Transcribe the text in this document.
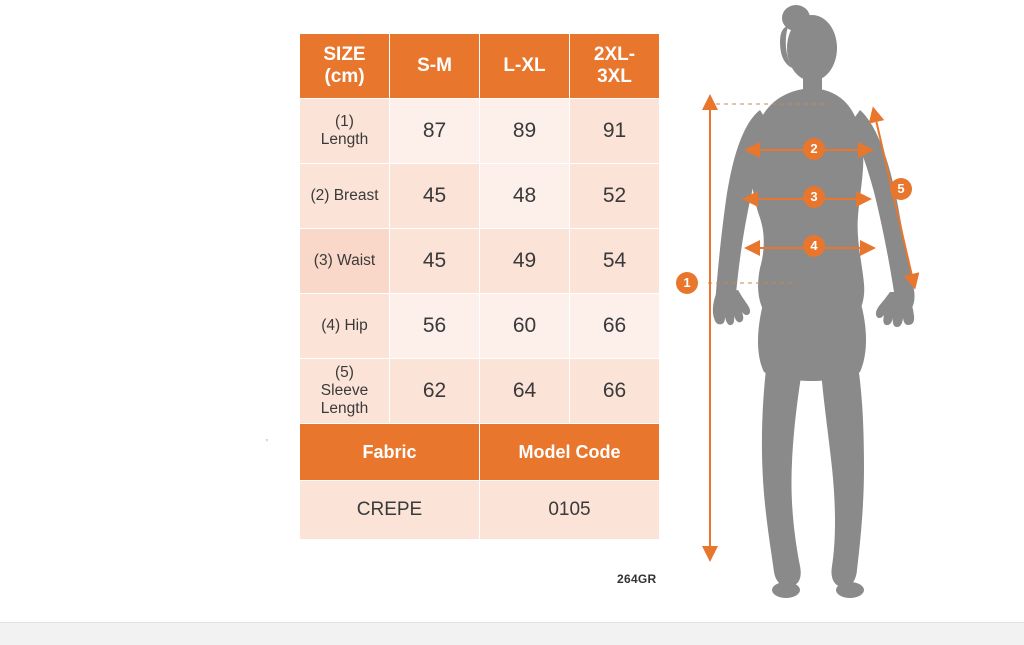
SIZE
(cm)	S-M	L-XL	2XL-
3XL

(1)
Length	87	89	91

(2) Breast	45	48	52

(3) Waist	45	49	54

(4) Hip	56	60	66

(5)
Sleeve
Length	62	64	66
Fabric		Model Code	
CREPE		0105	
264GR
'
1
2
3
4
5
